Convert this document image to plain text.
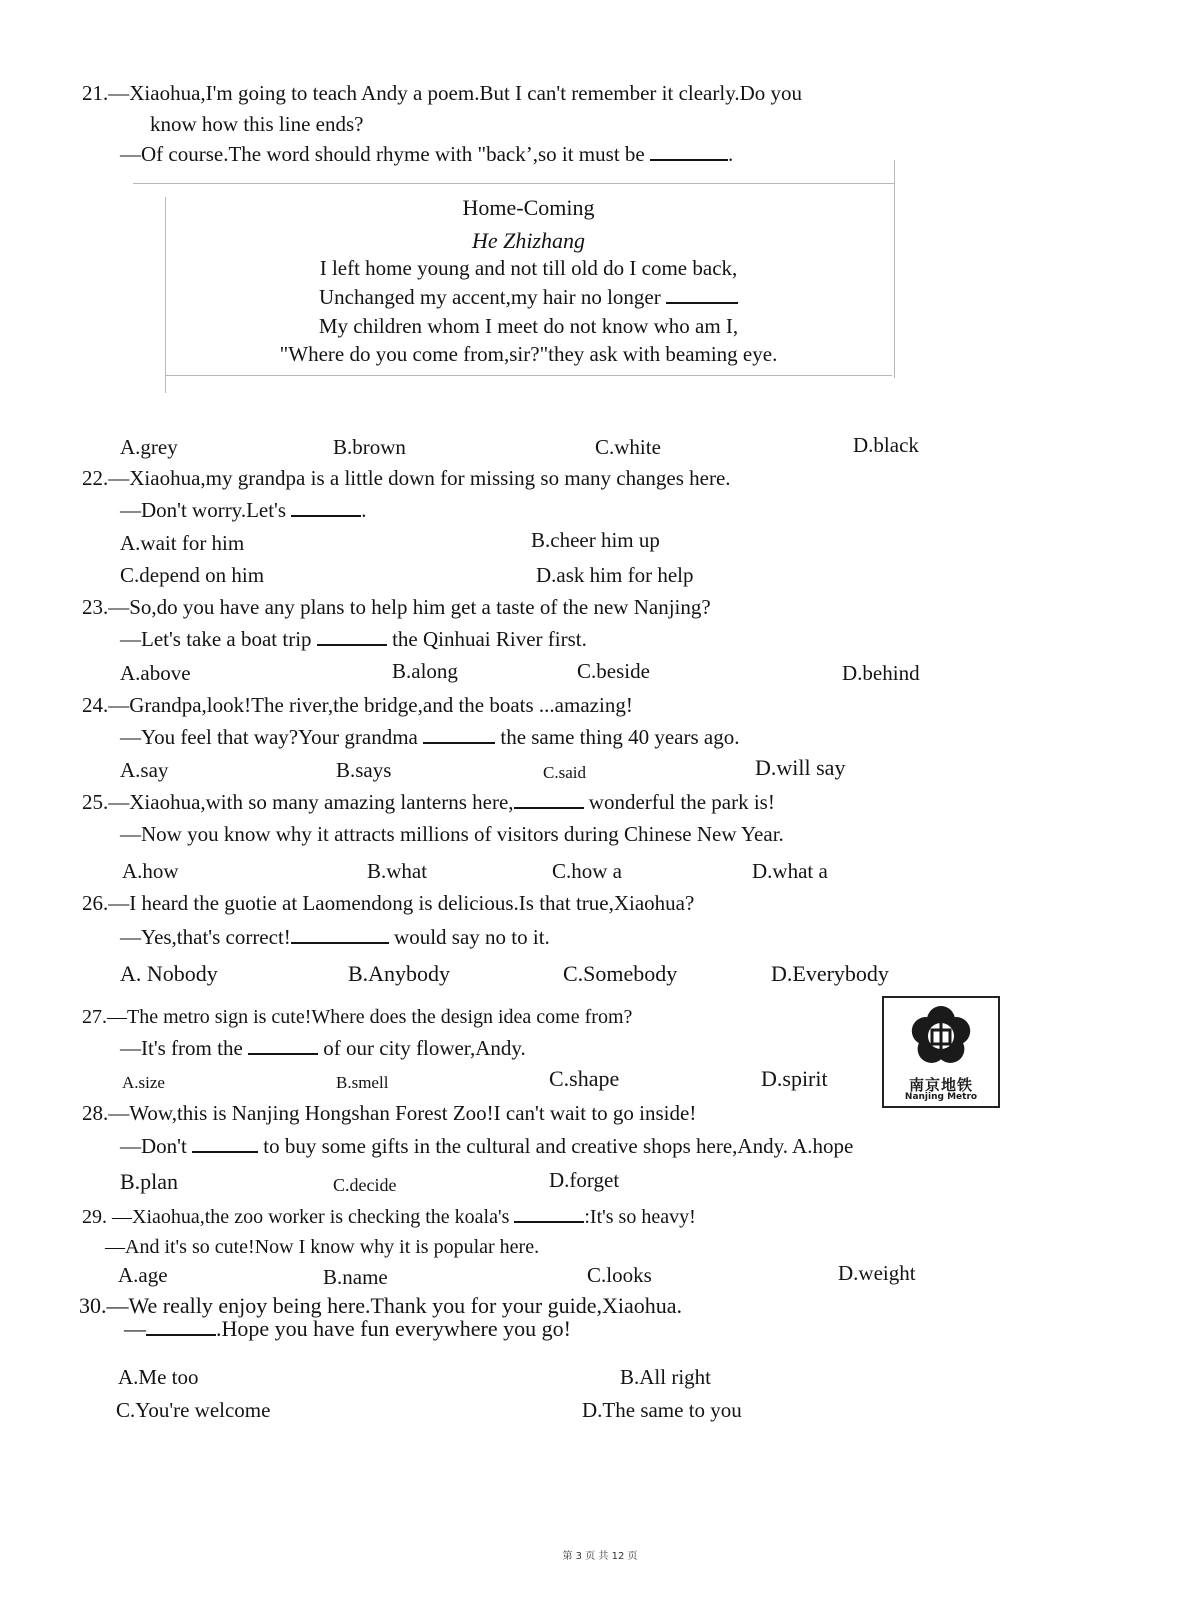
21.—Xiaohua,I'm going to teach Andy a poem.But I can't remember it clearly.Do you
know how this line ends?
—Of course.The word should rhyme with "back’,so it must be	.
Home-Coming
He Zhizhang
I left home young and not till old do I come back,
Unchanged my accent,my hair no longer
My children whom I meet do not know who am I,
"Where do you come from,sir?"they ask with beaming eye.
A.grey	B.brown	C.white	D.black
22.—Xiaohua,my grandpa is a little down for missing so many changes here.
—Don't worry.Let's	.
A.wait for him	B.cheer him up
C.depend on him	D.ask him for help
23.—So,do you have any plans to help him get a taste of the new Nanjing?
—Let's take a boat trip	the Qinhuai River first.
A.above	B.along	C.beside	D.behind
24.—Grandpa,look!The river,the bridge,and the boats ...amazing!
—You feel that way?Your grandma	the same thing 40 years ago.
A.say	B.says	C.said	D.will say
25.—Xiaohua,with so many amazing lanterns here,	wonderful the park is!
—Now you know why it attracts millions of visitors during Chinese New Year.
A.how	B.what	C.how a	D.what a
26.—I heard the guotie at Laomendong is delicious.Is that true,Xiaohua?
—Yes,that's correct!	would say no to it.
A. Nobody	B.Anybody	C.Somebody	D.Everybody
27.—The metro sign is cute!Where does the design idea come from?
—It's from the	of our city flower,Andy.
A.size	B.smell	C.shape	D.spirit	南京地铁
Nanjing Metro
28.—Wow,this is Nanjing Hongshan Forest Zoo!I can't wait to go inside!
—Don't	to buy some gifts in the cultural and creative shops here,Andy. A.hope
B.plan	C.decide	D.forget
29. —Xiaohua,the zoo worker is checking the koala's	:It's so heavy!
—And it's so cute!Now I know why it is popular here.
A.age	B.name	C.looks	D.weight
30.—We really enjoy being here.Thank you for your guide,Xiaohua.
—	.Hope you have fun everywhere you go!
A.Me too	B.All right
C.You're welcome	D.The same to you
第 3 页 共 12 页
